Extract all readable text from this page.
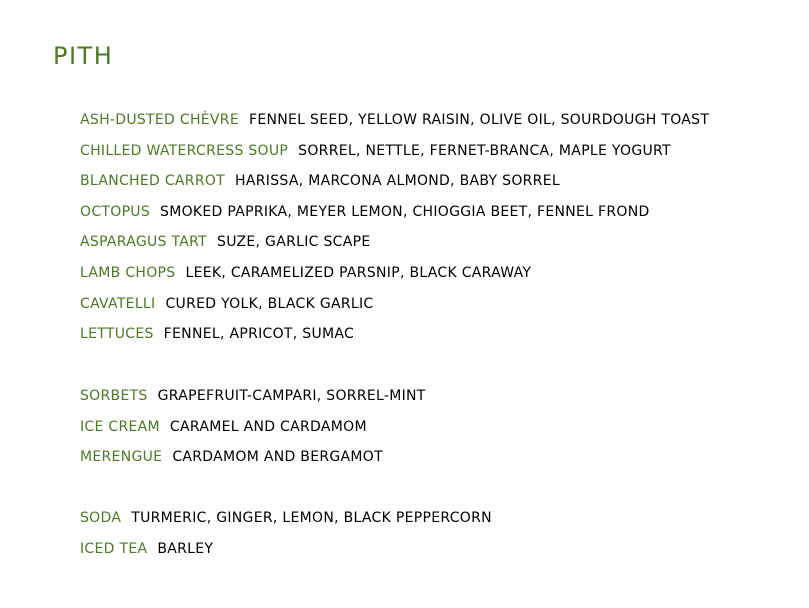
PITH
ASH-DUSTED CHÈVRE FENNEL SEED, YELLOW RAISIN, OLIVE OIL, SOURDOUGH TOAST
CHILLED WATERCRESS SOUP SORREL, NETTLE, FERNET-BRANCA, MAPLE YOGURT
BLANCHED CARROT HARISSA, MARCONA ALMOND, BABY SORREL
OCTOPUS SMOKED PAPRIKA, MEYER LEMON, CHIOGGIA BEET, FENNEL FROND
ASPARAGUS TART SUZE, GARLIC SCAPE
LAMB CHOPS LEEK, CARAMELIZED PARSNIP, BLACK CARAWAY
CAVATELLI CURED YOLK, BLACK GARLIC
LETTUCES FENNEL, APRICOT, SUMAC
SORBETS GRAPEFRUIT-CAMPARI, SORREL-MINT
ICE CREAM CARAMEL AND CARDAMOM
MERENGUE CARDAMOM AND BERGAMOT
SODA TURMERIC, GINGER, LEMON, BLACK PEPPERCORN
ICED TEA BARLEY
